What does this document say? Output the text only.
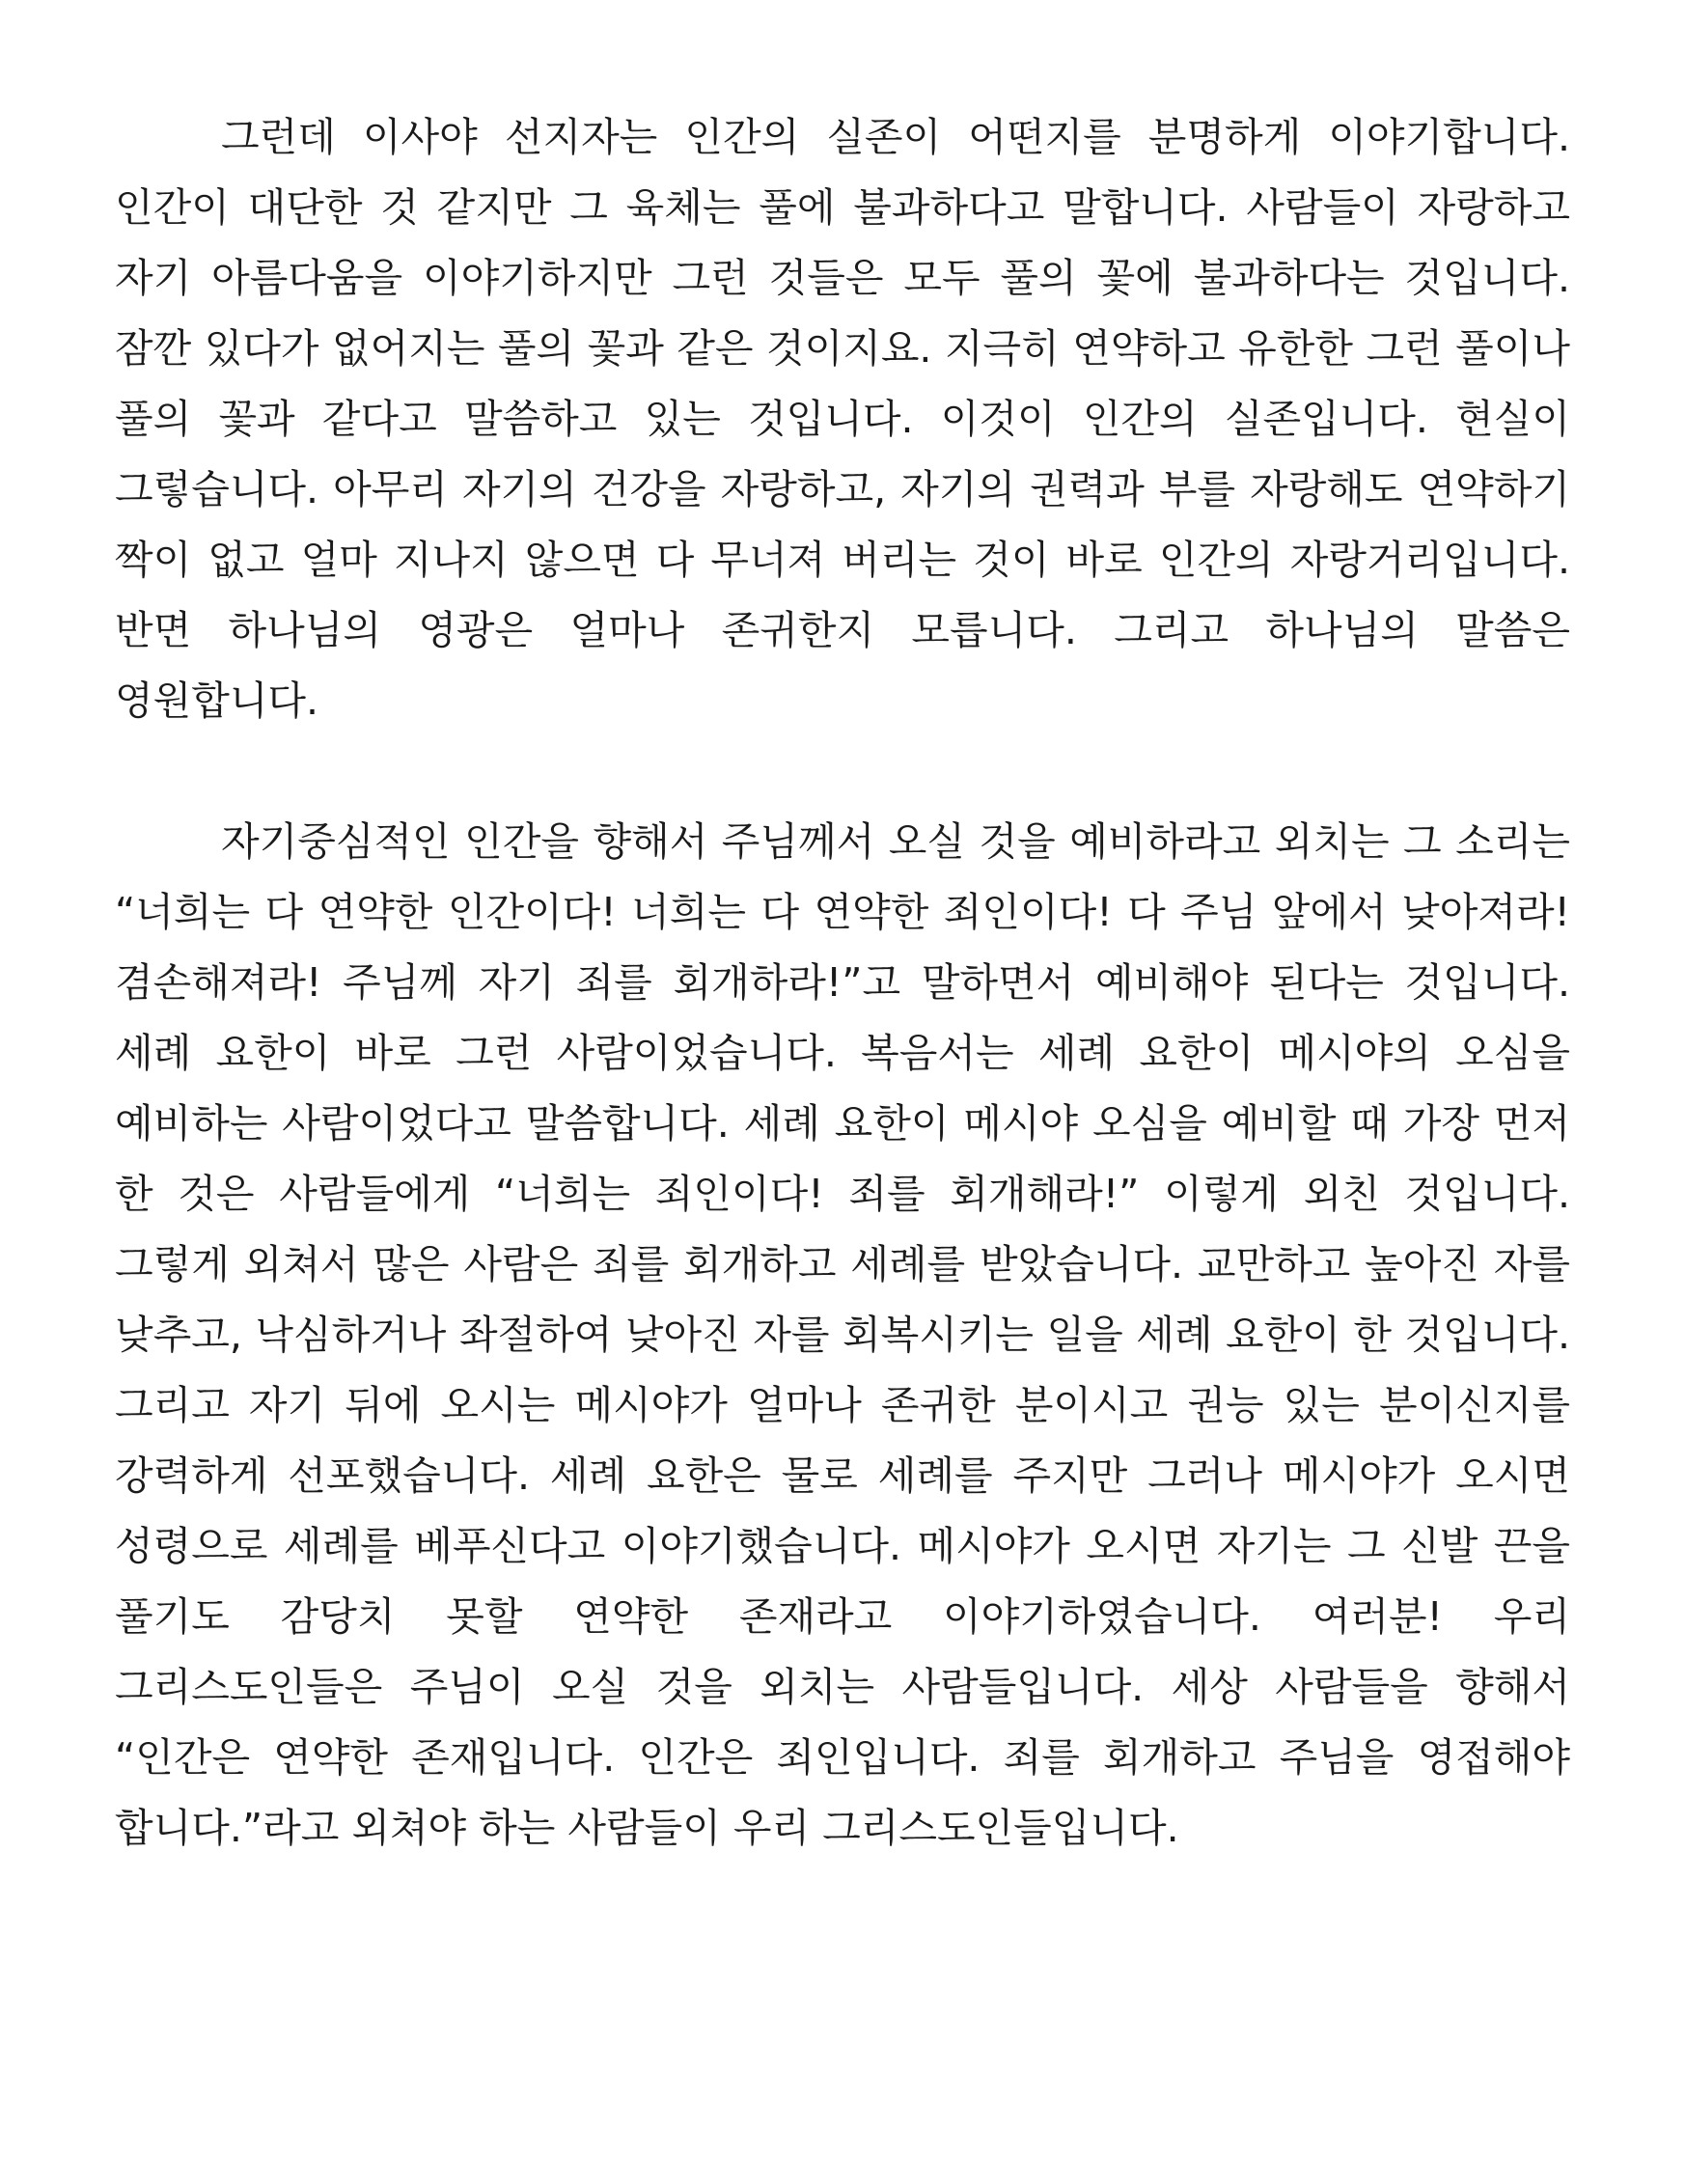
그런데 이사야 선지자는 인간의 실존이 어떤지를 분명하게 이야기합니다. 인간이 대단한 것 같지만 그 육체는 풀에 불과하다고 말합니다. 사람들이 자랑하고 자기 아름다움을 이야기하지만 그런 것들은 모두 풀의 꽃에 불과하다는 것입니다. 잠깐 있다가 없어지는 풀의 꽃과 같은 것이지요. 지극히 연약하고 유한한 그런 풀이나 풀의 꽃과 같다고 말씀하고 있는 것입니다. 이것이 인간의 실존입니다. 현실이 그렇습니다. 아무리 자기의 건강을 자랑하고, 자기의 권력과 부를 자랑해도 연약하기 짝이 없고 얼마 지나지 않으면 다 무너져 버리는 것이 바로 인간의 자랑거리입니다. 반면 하나님의 영광은 얼마나 존귀한지 모릅니다. 그리고 하나님의 말씀은 영원합니다.

자기중심적인 인간을 향해서 주님께서 오실 것을 예비하라고 외치는 그 소리는 “너희는 다 연약한 인간이다! 너희는 다 연약한 죄인이다! 다 주님 앞에서 낮아져라! 겸손해져라! 주님께 자기 죄를 회개하라!”고 말하면서 예비해야 된다는 것입니다. 세례 요한이 바로 그런 사람이었습니다. 복음서는 세례 요한이 메시야의 오심을 예비하는 사람이었다고 말씀합니다. 세례 요한이 메시야 오심을 예비할 때 가장 먼저 한 것은 사람들에게 “너희는 죄인이다! 죄를 회개해라!” 이렇게 외친 것입니다. 그렇게 외쳐서 많은 사람은 죄를 회개하고 세례를 받았습니다. 교만하고 높아진 자를 낮추고, 낙심하거나 좌절하여 낮아진 자를 회복시키는 일을 세례 요한이 한 것입니다. 그리고 자기 뒤에 오시는 메시야가 얼마나 존귀한 분이시고 권능 있는 분이신지를 강력하게 선포했습니다. 세례 요한은 물로 세례를 주지만 그러나 메시야가 오시면 성령으로 세례를 베푸신다고 이야기했습니다. 메시야가 오시면 자기는 그 신발 끈을 풀기도 감당치 못할 연약한 존재라고 이야기하였습니다. 여러분! 우리 그리스도인들은 주님이 오실 것을 외치는 사람들입니다. 세상 사람들을 향해서 “인간은 연약한 존재입니다. 인간은 죄인입니다. 죄를 회개하고 주님을 영접해야 합니다.”라고 외쳐야 하는 사람들이 우리 그리스도인들입니다.
